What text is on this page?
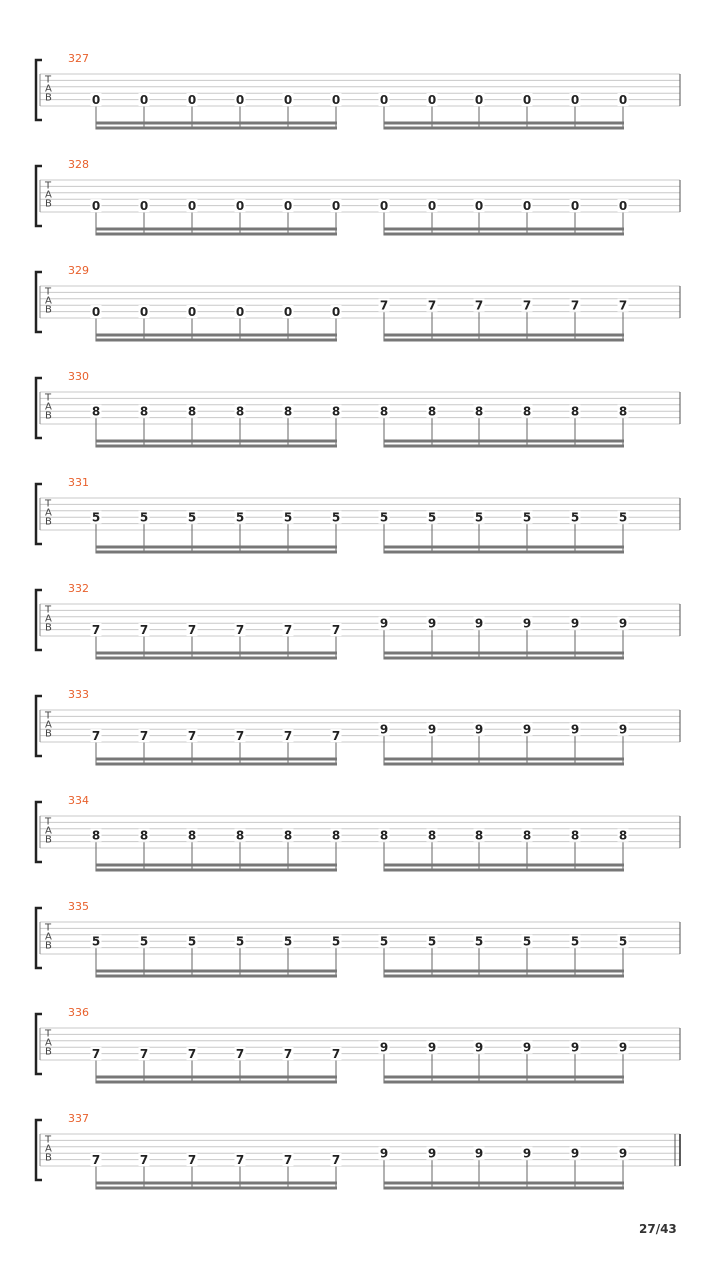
327
T
A
B	0	0	0	0	0	0	0	0	0	0	0	0
328
T
A
B	0	0	0	0	0	0	0	0	0	0	0	0
329
T
A
B	0	0	0	0	0	0	7	7	7	7	7	7
330
T
A
B	8	8	8	8	8	8	8	8	8	8	8	8
331
T
A
B	5	5	5	5	5	5	5	5	5	5	5	5
332
T
A
B	7	7	7	7	7	7	9	9	9	9	9	9
333
T
A
B	7	7	7	7	7	7	9	9	9	9	9	9
334
T
A
B	8	8	8	8	8	8	8	8	8	8	8	8
335
T
A
B	5	5	5	5	5	5	5	5	5	5	5	5
336
T
A
B	7	7	7	7	7	7	9	9	9	9	9	9
337
T
A
B	7	7	7	7	7	7	9	9	9	9	9	9
27/43
